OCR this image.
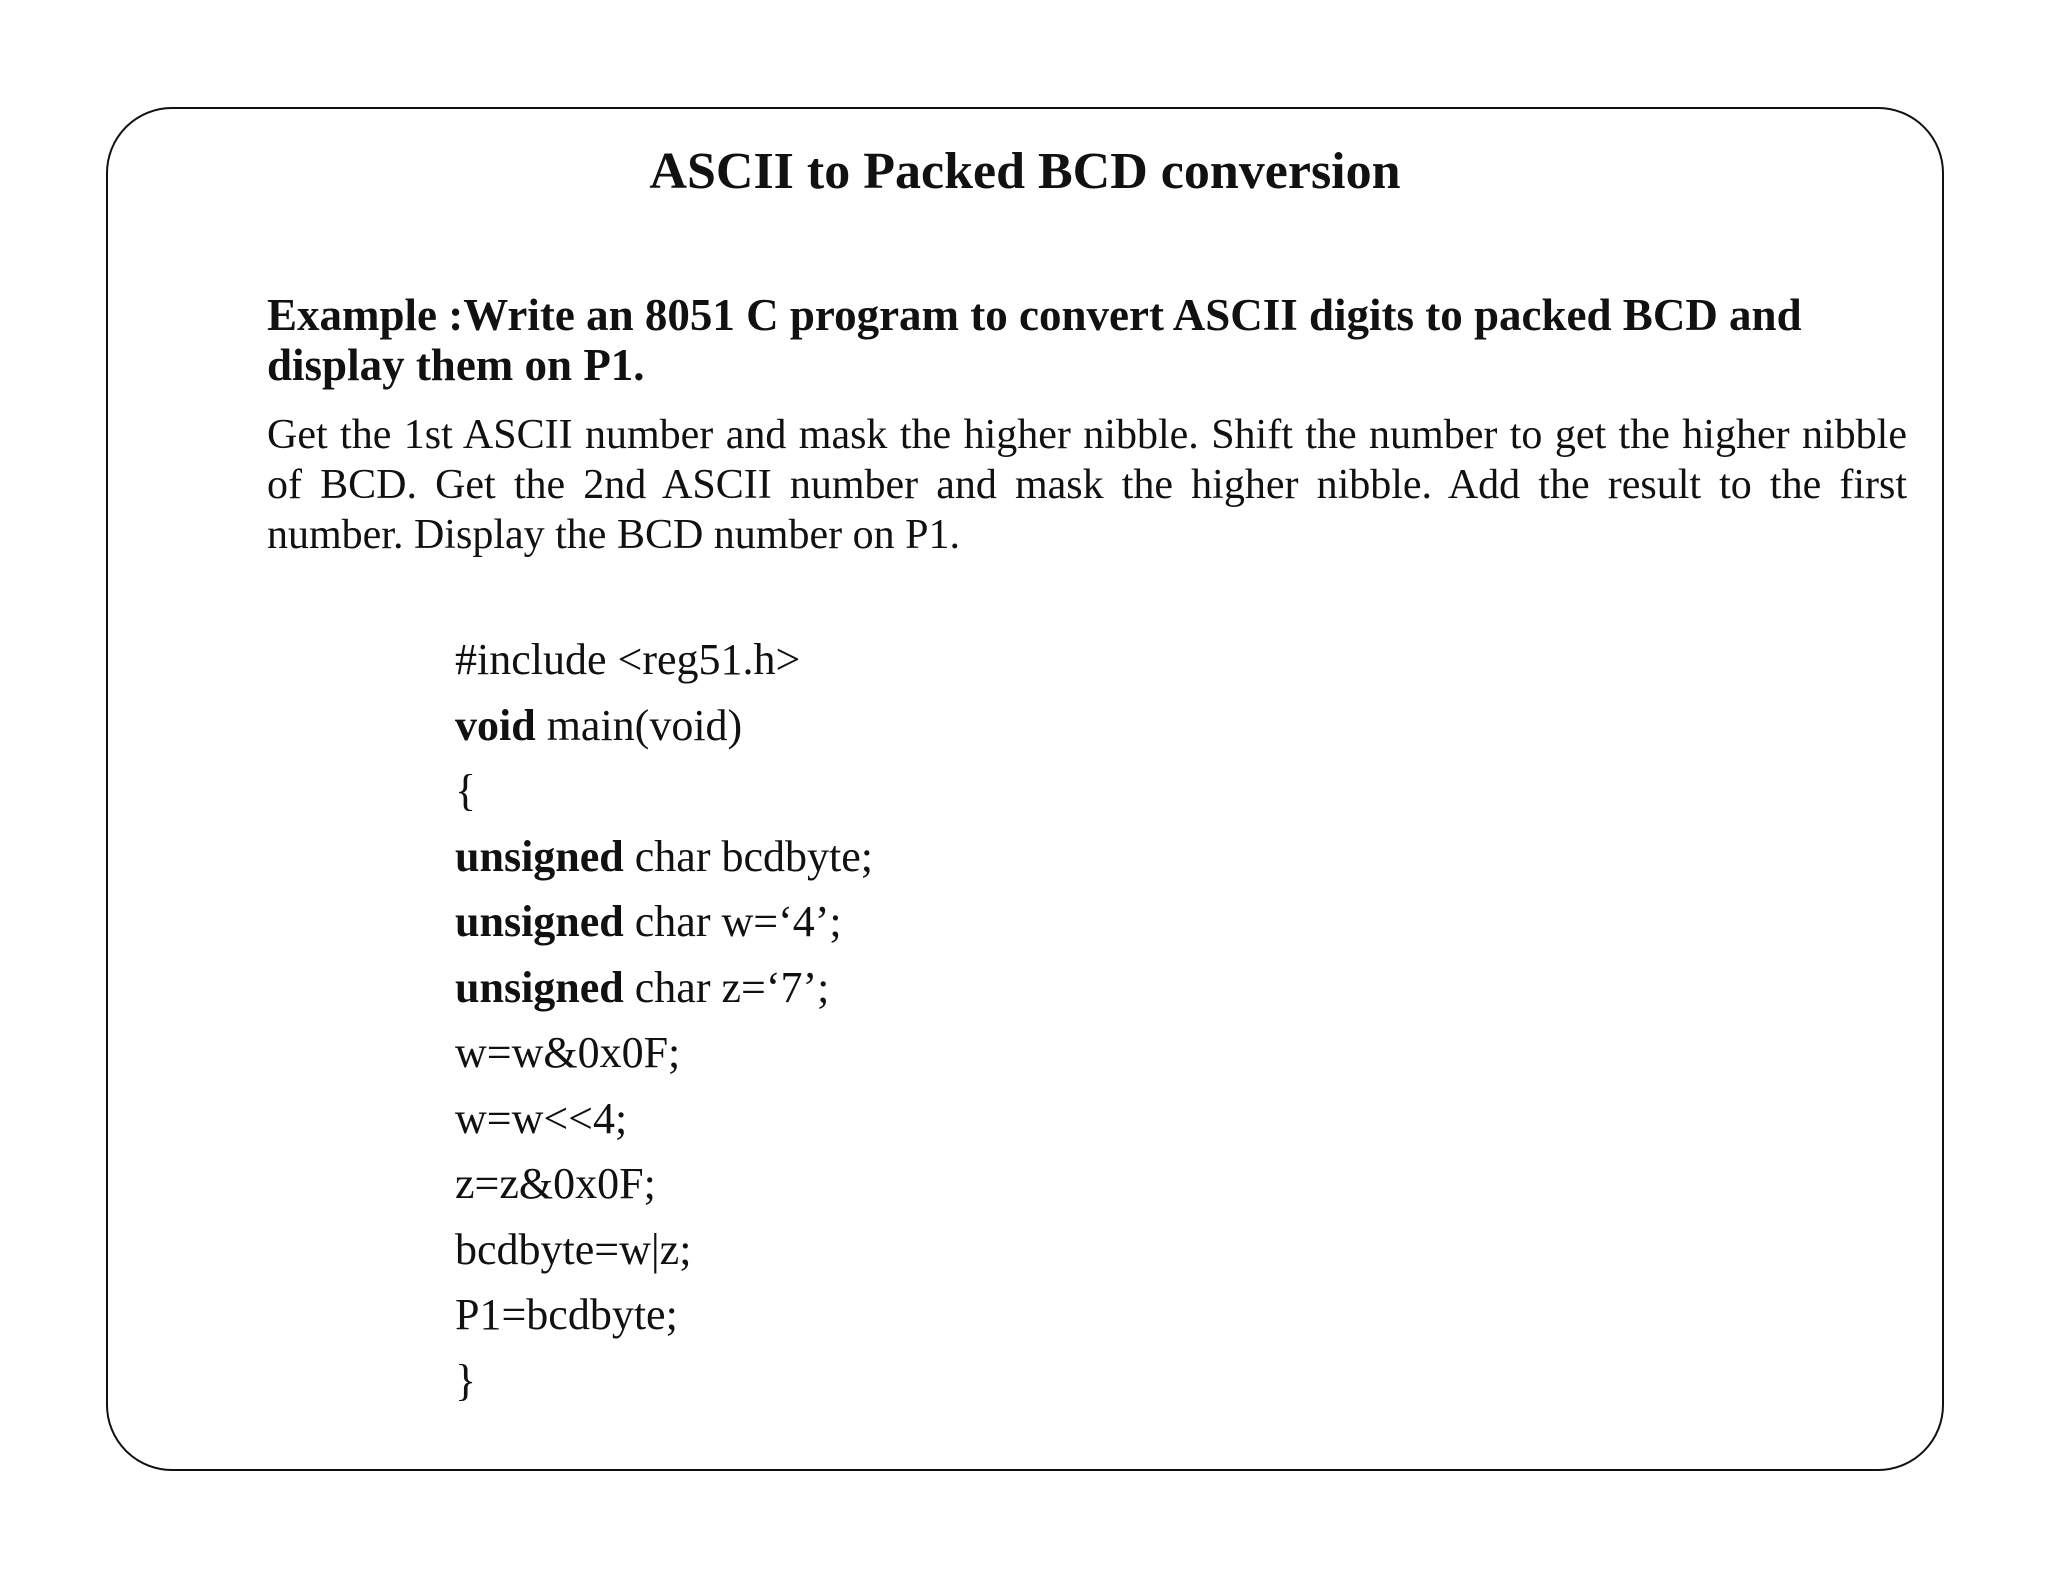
ASCII to Packed BCD conversion
Example :Write an 8051 C program to convert ASCII digits to packed BCD and display them on P1.
Get the 1st ASCII number and mask the higher nibble. Shift the number to get the higher nibble of BCD. Get the 2nd ASCII number and mask the higher nibble. Add the result to the first number. Display the BCD number on P1.
#include <reg51.h>
void main(void)
{
unsigned char bcdbyte;
unsigned char w=‘4’;
unsigned char z=‘7’;
w=w&0x0F;
w=w<<4;
z=z&0x0F;
bcdbyte=w|z;
P1=bcdbyte;
}
